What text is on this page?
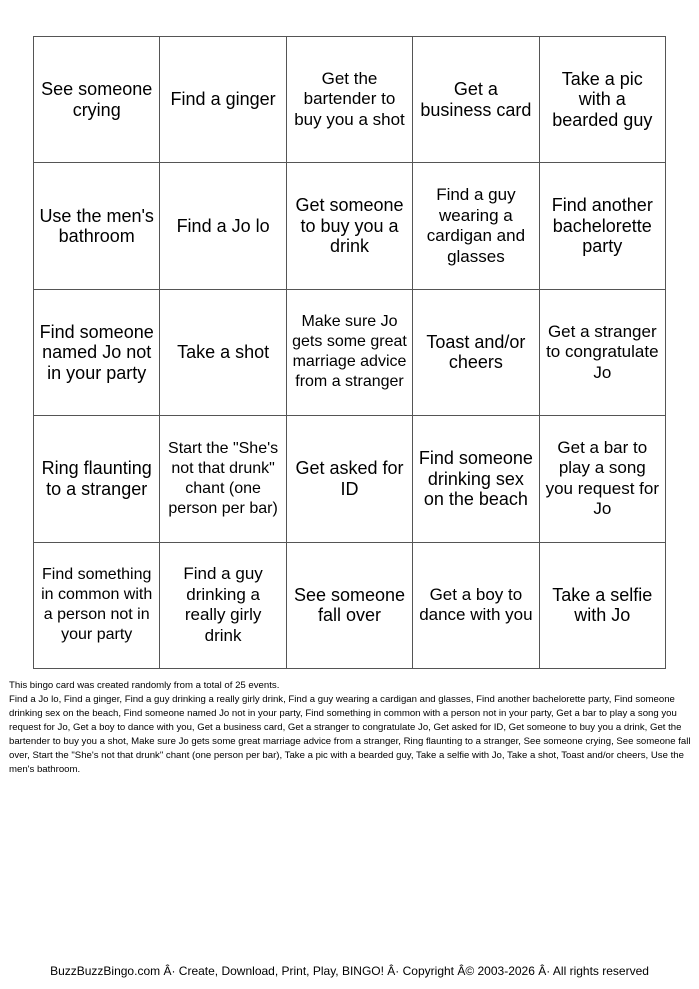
See someone crying
Find a ginger
Get the bartender to buy you a shot
Get a business card
Take a pic with a bearded guy
Use the men's bathroom
Find a Jo lo
Get someone to buy you a drink
Find a guy wearing a cardigan and glasses
Find another bachelorette party
Find someone named Jo not in your party
Take a shot
Make sure Jo gets some great marriage advice from a stranger
Toast and/or cheers
Get a stranger to congratulate Jo
Ring flaunting to a stranger
Start the "She's not that drunk" chant (one person per bar)
Get asked for ID
Find someone drinking sex on the beach
Get a bar to play a song you request for Jo
Find something in common with a person not in your party
Find a guy drinking a really girly drink
See someone fall over
Get a boy to dance with you
Take a selfie with Jo

This bingo card was created randomly from a total of 25 events.

Find a Jo lo, Find a ginger, Find a guy drinking a really girly drink, Find a guy wearing a cardigan and glasses, Find another bachelorette party, Find someone drinking sex on the beach, Find someone named Jo not in your party, Find something in common with a person not in your party, Get a bar to play a song you request for Jo, Get a boy to dance with you, Get a business card, Get a stranger to congratulate Jo, Get asked for ID, Get someone to buy you a drink, Get the bartender to buy you a shot, Make sure Jo gets some great marriage advice from a stranger, Ring flaunting to a stranger, See someone crying, See someone fall over, Start the "She's not that drunk" chant (one person per bar), Take a pic with a bearded guy, Take a selfie with Jo, Take a shot, Toast and/or cheers, Use the men's bathroom.

BuzzBuzzBingo.com Â· Create, Download, Print, Play, BINGO! Â· Copyright Â© 2003-2026 Â· All rights reserved
